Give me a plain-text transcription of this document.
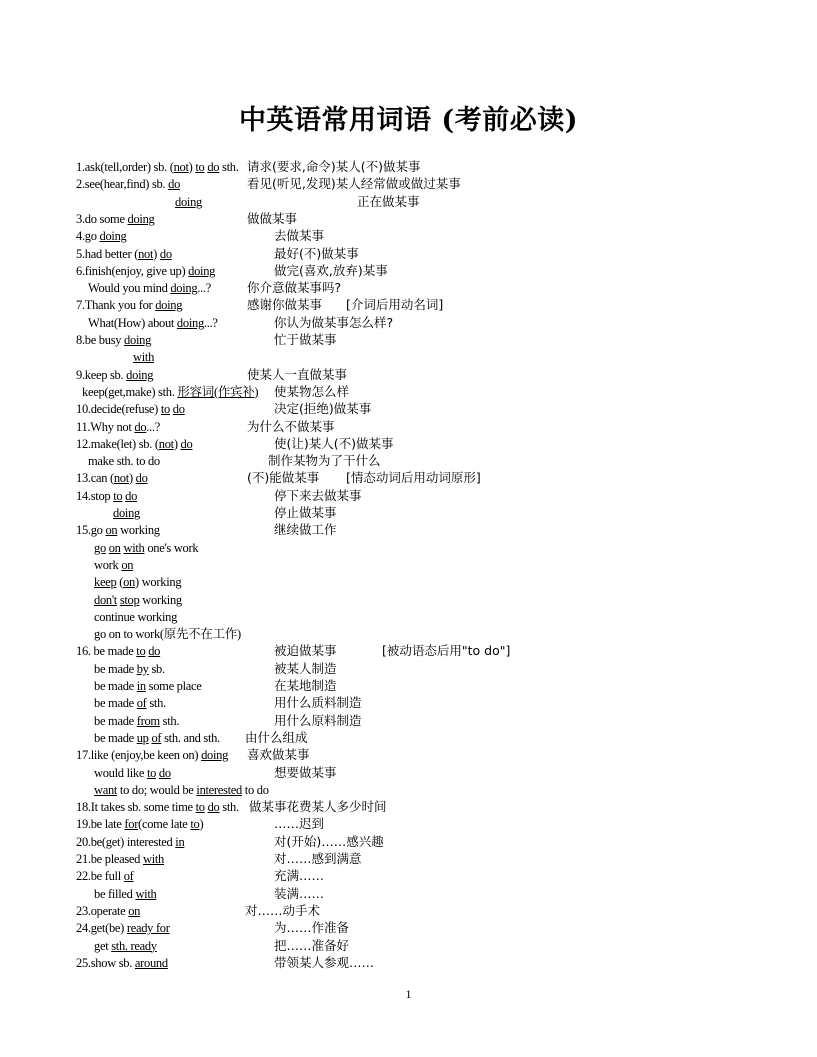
中英语常用词语 (考前必读)
1.ask(tell,order) sb. (not) to do sth. 请求(要求,命令)某人(不)做某事
2.see(hear,find) sb. do	看见(听见,发现)某人经常做或做过某事
doing	正在做某事
3.do some doing	做做某事
4.go doing	去做某事
5.had better (not) do	最好(不)做某事
6.finish(enjoy, give up) doing	做完(喜欢,放弃)某事
Would you mind doing...?	你介意做某事吗?
7.Thank you for doing	感谢你做某事 [介词后用动名词]
What(How) about doing...?	你认为做某事怎么样?
8.be busy doing	忙于做某事
with
9.keep sb. doing	使某人一直做某事
keep(get,make) sth. 形容词(作宾补) 使某物怎么样
10.decide(refuse) to do	决定(拒绝)做某事
11.Why not do...?	为什么不做某事
12.make(let) sb. (not) do	使(让)某人(不)做某事
make sth. to do	制作某物为了干什么
13.can (not) do	(不)能做某事 [情态动词后用动词原形]
14.stop to do	停下来去做某事
doing	停止做某事
15.go on working	继续做工作
go on with one's work
work on
keep (on) working
don't stop working
continue working
go on to work(原先不在工作)
16. be made to do	被迫做某事	[被动语态后用"to do"]
be made by sb.	被某人制造
be made in some place	在某地制造
be made of sth.	用什么质料制造
be made from sth.	用什么原料制造
be made up of sth. and sth. 由什么组成
17.like (enjoy,be keen on) doing 喜欢做某事
would like to do	想要做某事
want to do; would be interested to do
18.It takes sb. some time to do sth. 做某事花费某人多少时间
19.be late for(come late to)	……迟到
20.be(get) interested in	对(开始)……感兴趣
21.be pleased with	对……感到满意
22.be full of	充满……
be filled with	装满……
23.operate on	对……动手术
24.get(be) ready for	为……作准备
get sth. ready	把……准备好
25.show sb. around	带领某人参观……
1
